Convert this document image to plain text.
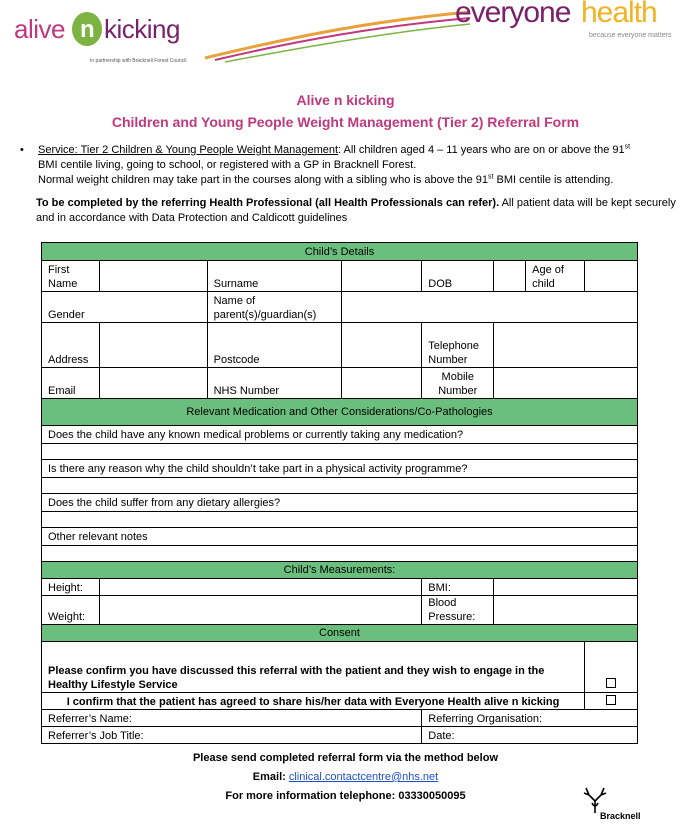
alive n kicking
In partnership with Bracknell Forest Council
everyone health
because everyone matters
Alive n kicking
Children and Young People Weight Management (Tier 2) Referral Form
• Service: Tier 2 Children & Young People Weight Management: All children aged 4 – 11 years who are on or above the 91st
BMI centile living, going to school, or registered with a GP in Bracknell Forest.
Normal weight children may take part in the courses along with a sibling who is above the 91st BMI centile is attending.
To be completed by the referring Health Professional (all Health Professionals can refer). All patient data will be kept securely and in accordance with Data Protection and Caldicott guidelines
Child’s Details							
First Name		Surname		DOB		Age of child	
Gender		Name of parent(s)/guardian(s)					
Address		Postcode		Telephone Number			
Email		NHS Number		Mobile Number			
Relevant Medication and Other Considerations/Co-Pathologies							
Does the child have any known medical problems or currently taking any medication?							

Is there any reason why the child shouldn’t take part in a physical activity programme?							

Does the child suffer from any dietary allergies?							

Other relevant notes							

Child’s Measurements:							
Height:				BMI:			
Weight:				Blood Pressure:			
Consent							
Please confirm you have discussed this referral with the patient and they wish to engage in the Healthy Lifestyle Service							
I confirm that the patient has agreed to share his/her data with Everyone Health alive n kicking							
Referrer’s Name:				Referring Organisation:			
Referrer’s Job Title:				Date:			
Please send completed referral form via the method below
Email: clinical.contactcentre@nhs.net
For more information telephone: 03330050095
Bracknell
